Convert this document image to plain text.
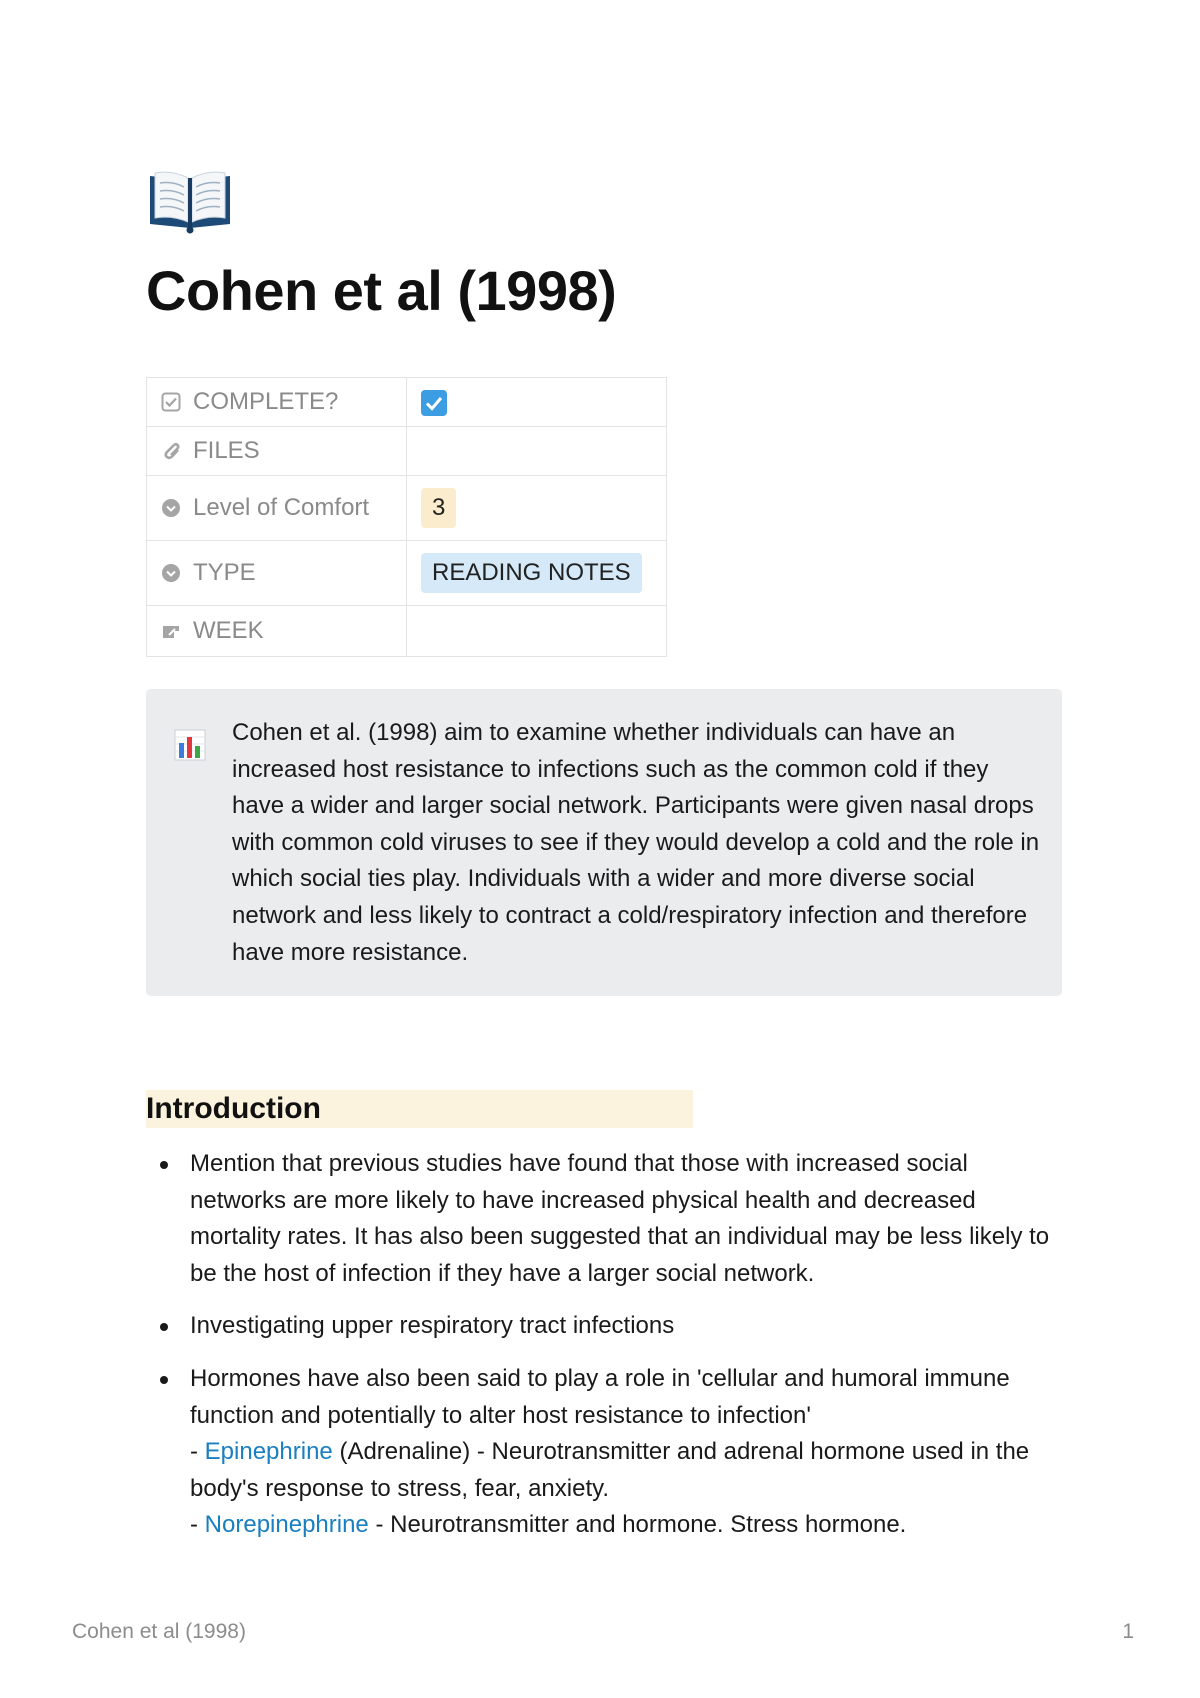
Cohen et al (1998)
COMPLETE?	

FILES	

Level of Comfort	3

TYPE	READING NOTES

WEEK	

Cohen et al. (1998) aim to examine whether individuals can have an increased host resistance to infections such as the common cold if they have a wider and larger social network. Participants were given nasal drops with common cold viruses to see if they would develop a cold and the role in which social ties play. Individuals with a wider and more diverse social network and less likely to contract a cold/respiratory infection and therefore have more resistance.

Introduction
Mention that previous studies have found that those with increased social networks are more likely to have increased physical health and decreased mortality rates. It has also been suggested that an individual may be less likely to be the host of infection if they have a larger social network.
Investigating upper respiratory tract infections
Hormones have also been said to play a role in 'cellular and humoral immune function and potentially to alter host resistance to infection'
- Epinephrine (Adrenaline) - Neurotransmitter and adrenal hormone used in the body's response to stress, fear, anxiety.
- Norepinephrine - Neurotransmitter and hormone. Stress hormone.
Cohen et al (1998)	1
